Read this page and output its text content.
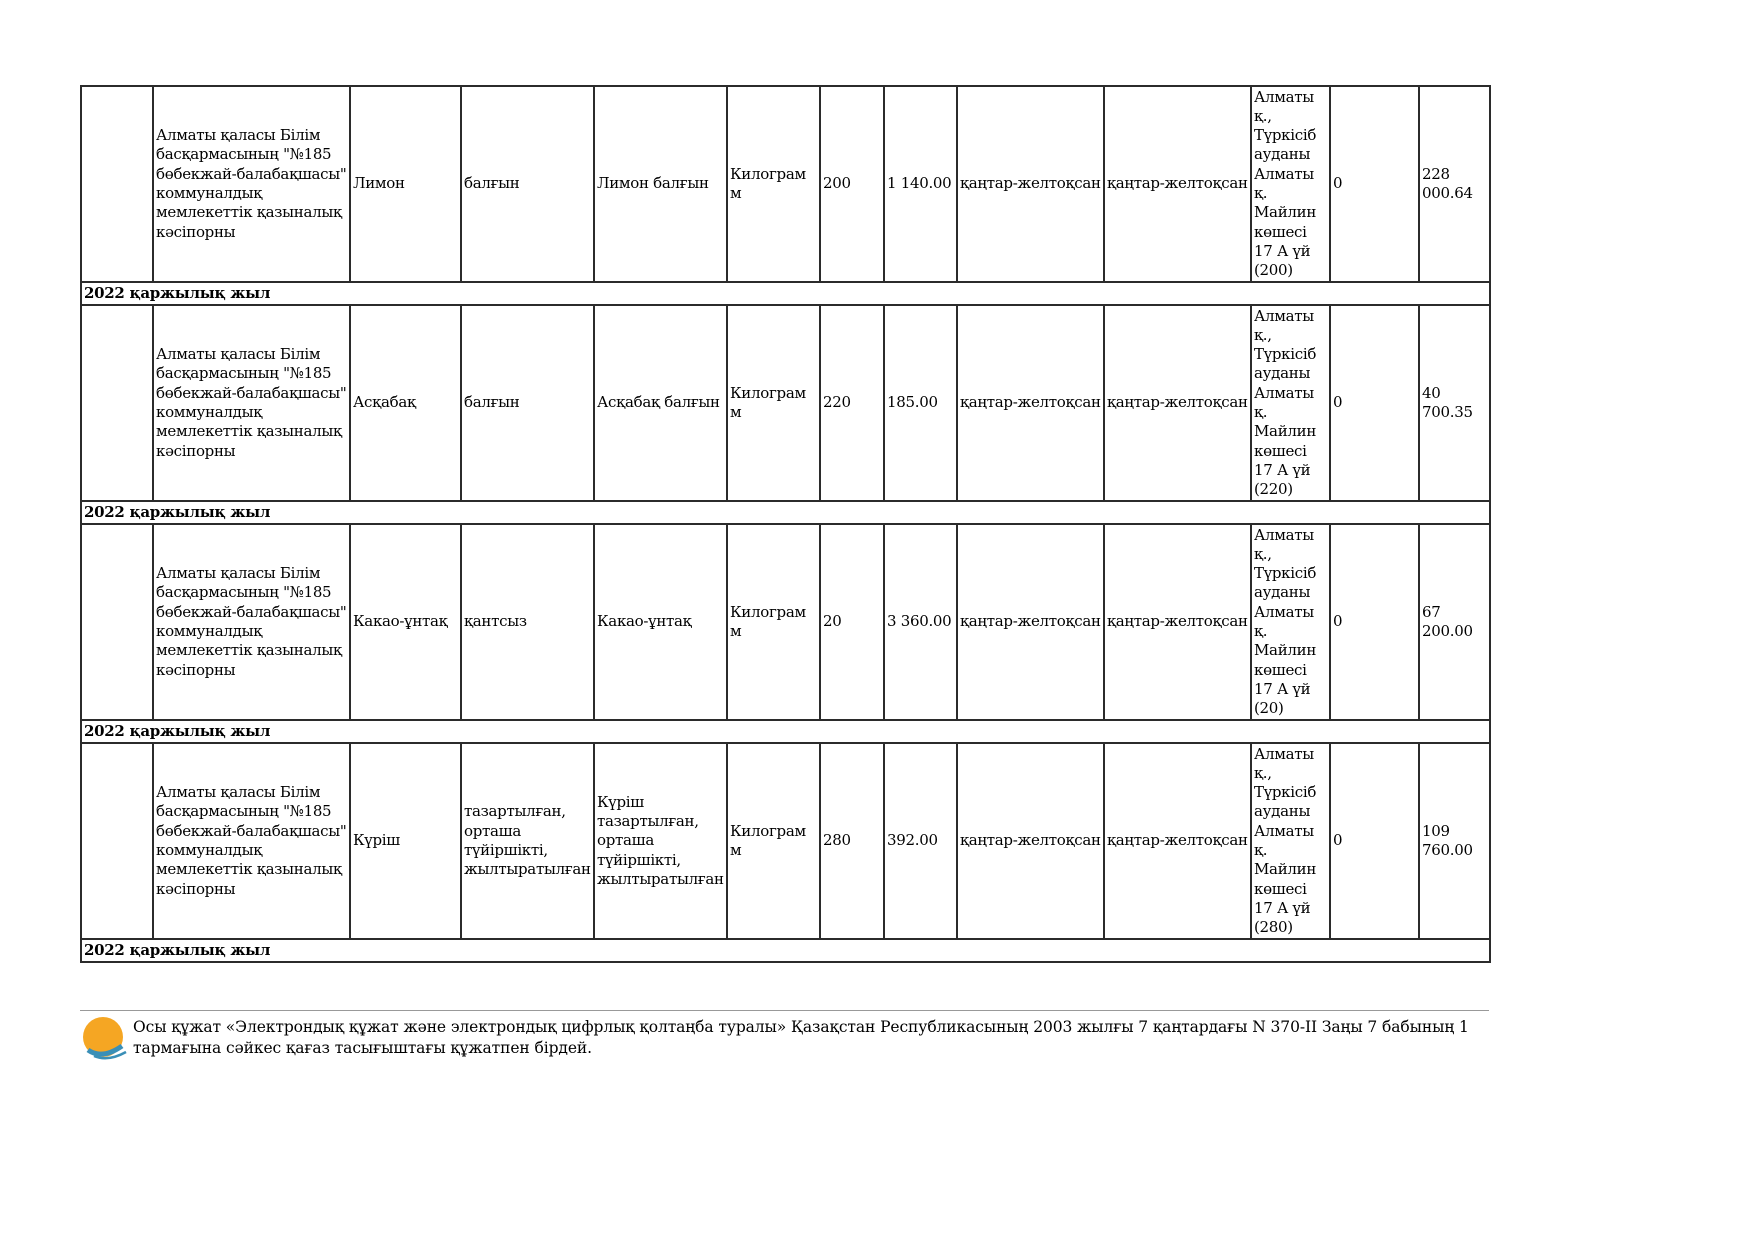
	Алматы қаласы Білім басқармасының "№185 бөбекжай-балабақшасы" коммуналдық мемлекеттік қазыналық кәсіпорны	Лимон	балғын	Лимон балғын	Килограмм	200	1 140.00	қаңтар-желтоқсан	қаңтар-желтоқсан	Алматы қ., Түркісіб ауданы Алматы қ. Майлин көшесі 17 А үй (200)	0	228 000.64
2022 қаржылық жыл												
	Алматы қаласы Білім басқармасының "№185 бөбекжай-балабақшасы" коммуналдық мемлекеттік қазыналық кәсіпорны	Асқабақ	балғын	Асқабақ балғын	Килограмм	220	185.00	қаңтар-желтоқсан	қаңтар-желтоқсан	Алматы қ., Түркісіб ауданы Алматы қ. Майлин көшесі 17 А үй (220)	0	40 700.35
2022 қаржылық жыл												
	Алматы қаласы Білім басқармасының "№185 бөбекжай-балабақшасы" коммуналдық мемлекеттік қазыналық кәсіпорны	Какао-ұнтақ	қантсыз	Какао-ұнтақ	Килограмм	20	3 360.00	қаңтар-желтоқсан	қаңтар-желтоқсан	Алматы қ., Түркісіб ауданы Алматы қ. Майлин көшесі 17 А үй (20)	0	67 200.00
2022 қаржылық жыл												
	Алматы қаласы Білім басқармасының "№185 бөбекжай-балабақшасы" коммуналдық мемлекеттік қазыналық кәсіпорны	Күріш	тазартылған, орташа түйіршікті, жылтыратылған	Күріш тазартылған, орташа түйіршікті, жылтыратылған	Килограмм	280	392.00	қаңтар-желтоқсан	қаңтар-желтоқсан	Алматы қ., Түркісіб ауданы Алматы қ. Майлин көшесі 17 А үй (280)	0	109 760.00
2022 қаржылық жыл												
Осы құжат «Электрондық құжат және электрондық цифрлық қолтаңба туралы» Қазақстан Республикасының 2003 жылғы 7 қаңтардағы N 370-II Заңы 7 бабының 1 тармағына сәйкес қағаз тасығыштағы құжатпен бірдей.
